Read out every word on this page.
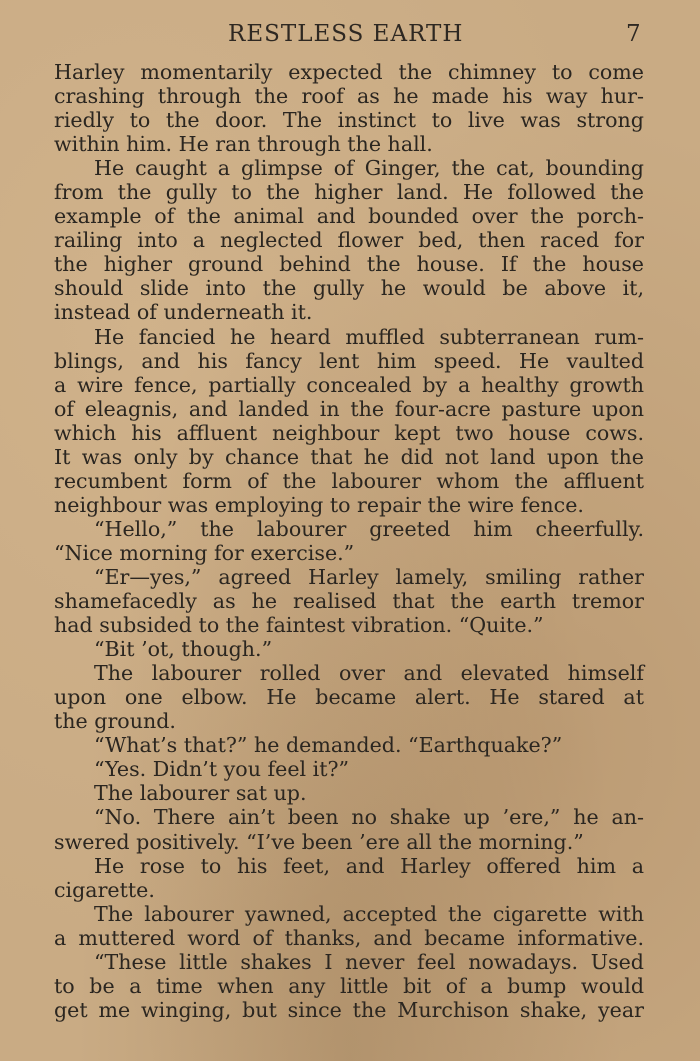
RESTLESS EARTH	7
Harley momentarily expected the chimney to come
crashing through the roof as he made his way hur-
riedly to the door. The instinct to live was strong
within him. He ran through the hall.
He caught a glimpse of Ginger, the cat, bounding
from the gully to the higher land. He followed the
example of the animal and bounded over the porch-
railing into a neglected flower bed, then raced for
the higher ground behind the house. If the house
should slide into the gully he would be above it,
instead of underneath it.
He fancied he heard muffled subterranean rum-
blings, and his fancy lent him speed. He vaulted
a wire fence, partially concealed by a healthy growth
of eleagnis, and landed in the four-acre pasture upon
which his affluent neighbour kept two house cows.
It was only by chance that he did not land upon the
recumbent form of the labourer whom the affluent
neighbour was employing to repair the wire fence.
“Hello,” the labourer greeted him cheerfully.
“Nice morning for exercise.”
“Er—yes,” agreed Harley lamely, smiling rather
shamefacedly as he realised that the earth tremor
had subsided to the faintest vibration. “Quite.”
“Bit ’ot, though.”
The labourer rolled over and elevated himself
upon one elbow. He became alert. He stared at
the ground.
“What’s that?” he demanded. “Earthquake?”
“Yes. Didn’t you feel it?”
The labourer sat up.
“No. There ain’t been no shake up ’ere,” he an-
swered positively. “I’ve been ’ere all the morning.”
He rose to his feet, and Harley offered him a
cigarette.
The labourer yawned, accepted the cigarette with
a muttered word of thanks, and became informative.
“These little shakes I never feel nowadays. Used
to be a time when any little bit of a bump would
get me winging, but since the Murchison shake, year
